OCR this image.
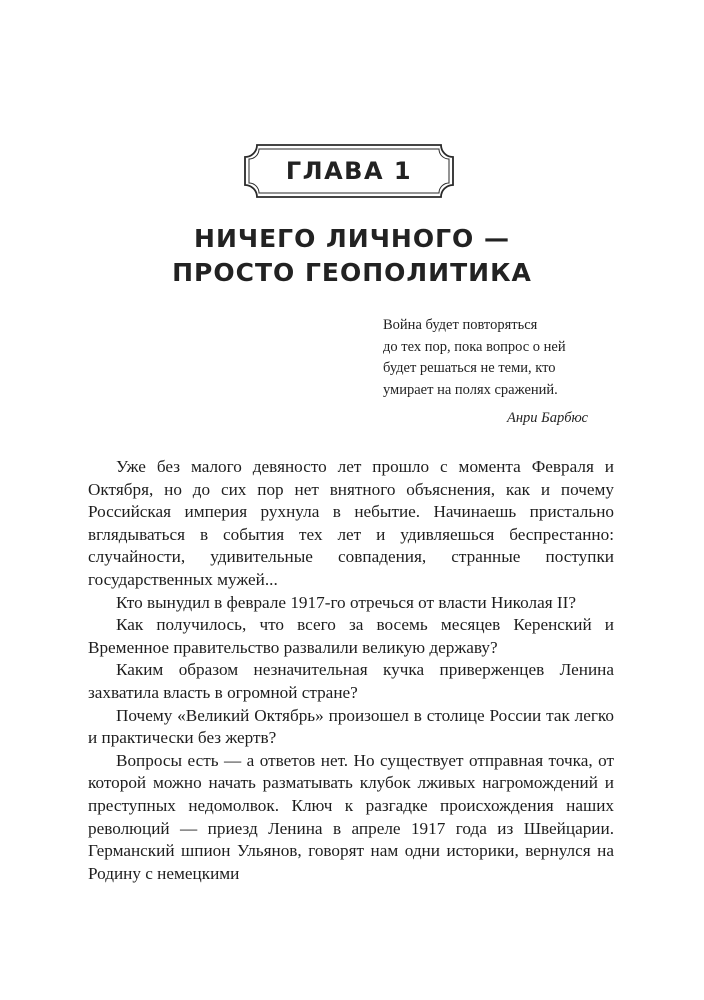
ГЛАВА 1
НИЧЕГО ЛИЧНОГО —
ПРОСТО ГЕОПОЛИТИКА
Война будет повторяться
до тех пор, пока вопрос о ней
будет решаться не теми, кто
умирает на полях сражений.
Анри Барбюс

Уже без малого девяносто лет прошло с момента Февраля и Октября, но до сих пор нет внятного объяснения, как и почему Российская империя рухнула в небытие. Начинаешь пристально вглядываться в события тех лет и удивляешься беспрестанно: случайности, удивительные совпадения, странные поступки государственных мужей...

Кто вынудил в феврале 1917-го отречься от власти Николая II?

Как получилось, что всего за восемь месяцев Керенский и Временное правительство развалили великую державу?

Каким образом незначительная кучка приверженцев Ленина захватила власть в огромной стране?

Почему «Великий Октябрь» произошел в столице России так легко и практически без жертв?

Вопросы есть — а ответов нет. Но существует отправная точка, от которой можно начать разматывать клубок лживых нагромождений и преступных недомолвок. Ключ к разгадке происхождения наших революций — приезд Ленина в апреле 1917 года из Швейцарии. Германский шпион Ульянов, говорят нам одни историки, вернулся на Родину с немецкими
